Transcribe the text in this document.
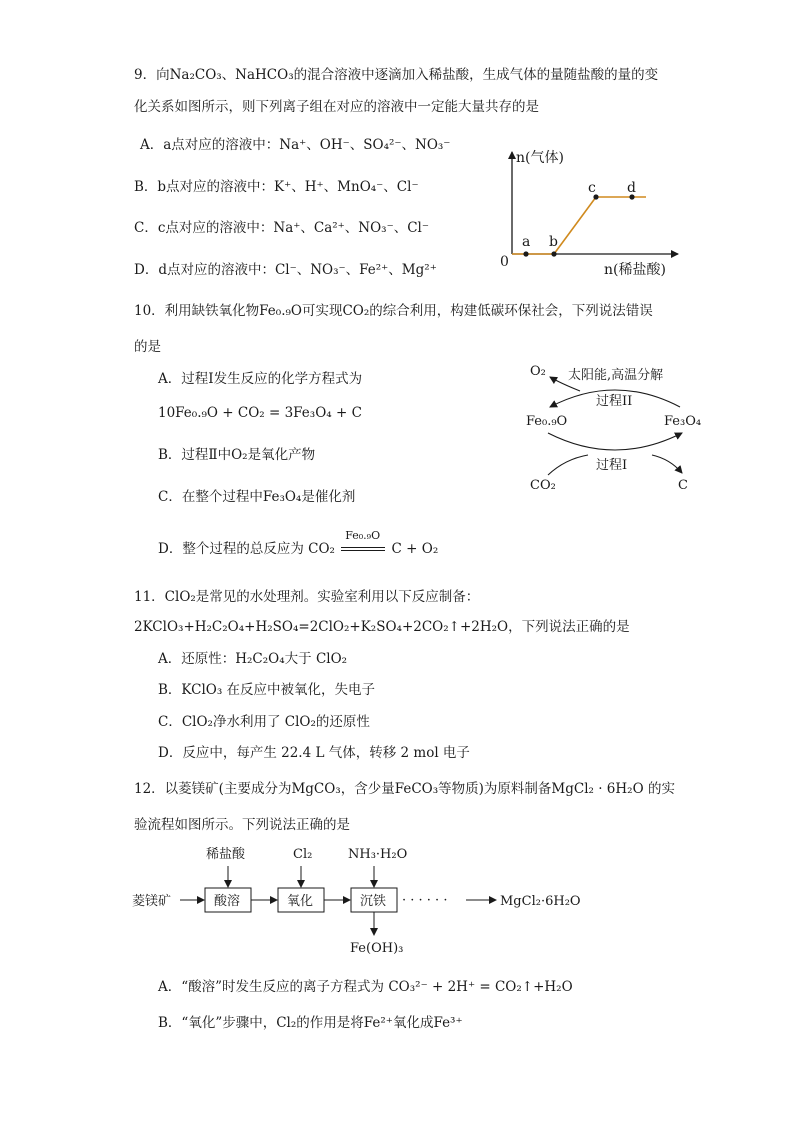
9．向Na₂CO₃、NaHCO₃的混合溶液中逐滴加入稀盐酸，生成气体的量随盐酸的量的变
化关系如图所示，则下列离子组在对应的溶液中一定能大量共存的是
A．a点对应的溶液中：Na⁺、OH⁻、SO₄²⁻、NO₃⁻
B．b点对应的溶液中：K⁺、H⁺、MnO₄⁻、Cl⁻
C．c点对应的溶液中：Na⁺、Ca²⁺、NO₃⁻、Cl⁻
D．d点对应的溶液中：Cl⁻、NO₃⁻、Fe²⁺、Mg²⁺
n(气体)
n(稀盐酸)
0
a b
c d
10．利用缺铁氧化物Fe₀.₉O可实现CO₂的综合利用，构建低碳环保社会，下列说法错误
的是
A．过程Ⅰ发生反应的化学方程式为
10Fe₀.₉O + CO₂ = 3Fe₃O₄ + C
B．过程Ⅱ中O₂是氧化产物
C．在整个过程中Fe₃O₄是催化剂
D．整个过程的总反应为 CO₂
Fe₀.₉O
C + O₂
O₂ 太阳能,高温分解
过程II
Fe₀.₉O	Fe₃O₄
过程I
CO₂	C
11．ClO₂是常见的水处理剂。实验室利用以下反应制备：
2KClO₃+H₂C₂O₄+H₂SO₄=2ClO₂+K₂SO₄+2CO₂↑+2H₂O，下列说法正确的是
A．还原性：H₂C₂O₄大于 ClO₂
B．KClO₃ 在反应中被氧化，失电子
C．ClO₂净水利用了 ClO₂的还原性
D．反应中，每产生 22.4 L 气体，转移 2 mol 电子
12．以菱镁矿(主要成分为MgCO₃，含少量FeCO₃等物质)为原料制备MgCl₂ · 6H₂O 的实
验流程如图所示。下列说法正确的是
菱镁矿
稀盐酸	Cl₂	NH₃·H₂O
酸溶	氧化	沉铁 · · · · · ·	MgCl₂·6H₂O
Fe(OH)₃
A．“酸溶”时发生反应的离子方程式为 CO₃²⁻ + 2H⁺ = CO₂↑+H₂O
B．“氧化”步骤中，Cl₂的作用是将Fe²⁺氧化成Fe³⁺
